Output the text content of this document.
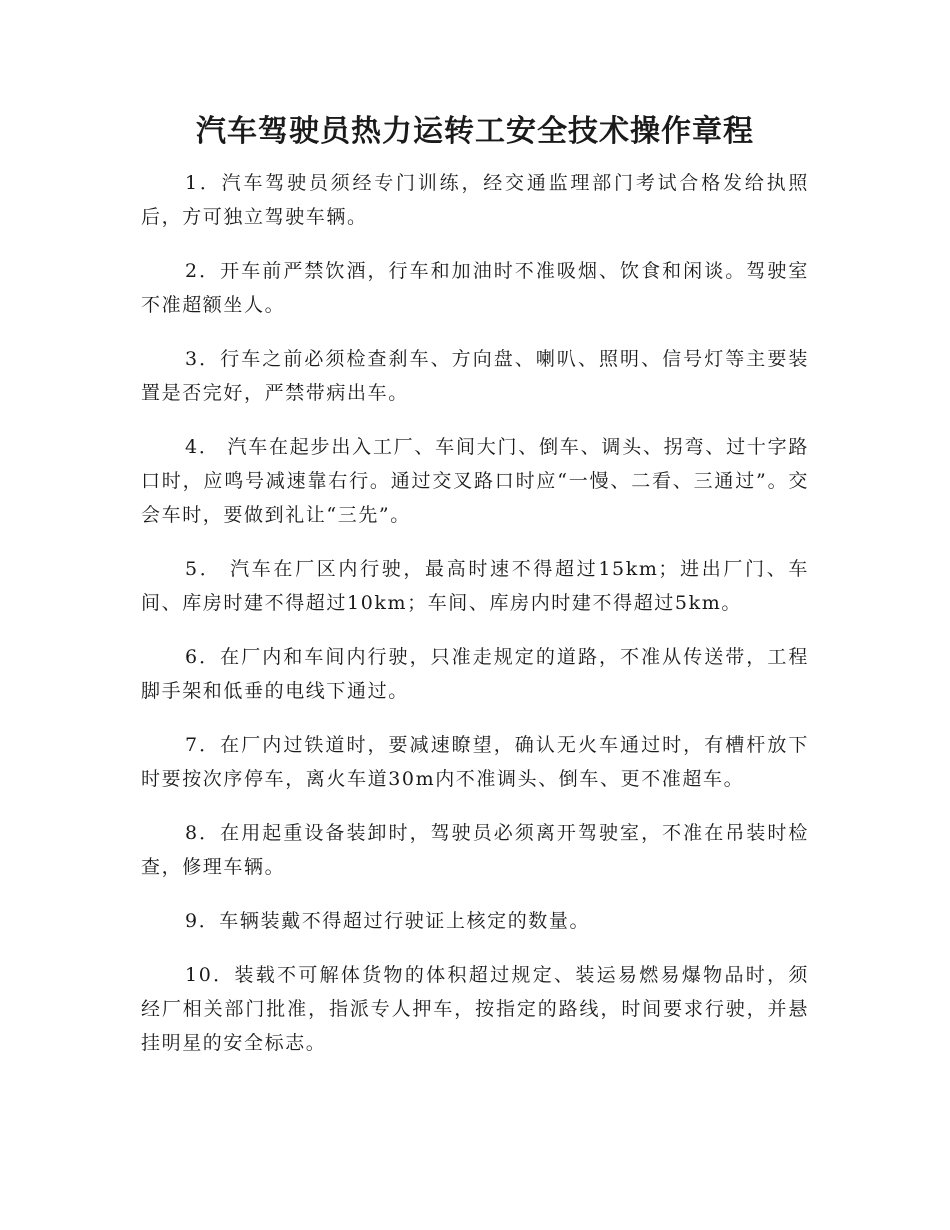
汽车驾驶员热力运转工安全技术操作章程

1．汽车驾驶员须经专门训练，经交通监理部门考试合格发给执照后，方可独立驾驶车辆。

2．开车前严禁饮酒，行车和加油时不准吸烟、饮食和闲谈。驾驶室不准超额坐人。

3．行车之前必须检查刹车、方向盘、喇叭、照明、信号灯等主要装置是否完好，严禁带病出车。

4． 汽车在起步出入工厂、车间大门、倒车、调头、拐弯、过十字路口时，应鸣号减速靠右行。通过交叉路口时应“一慢、二看、三通过”。交会车时，要做到礼让“三先”。

5． 汽车在厂区内行驶，最高时速不得超过15km；进出厂门、车间、库房时建不得超过10km；车间、库房内时建不得超过5km。

6．在厂内和车间内行驶，只准走规定的道路，不准从传送带，工程脚手架和低垂的电线下通过。

7．在厂内过铁道时，要减速瞭望，确认无火车通过时，有槽杆放下时要按次序停车，离火车道30m内不准调头、倒车、更不准超车。

8．在用起重设备装卸时，驾驶员必须离开驾驶室，不准在吊装时检查，修理车辆。

9．车辆装戴不得超过行驶证上核定的数量。

10．装载不可解体货物的体积超过规定、装运易燃易爆物品时，须经厂相关部门批准，指派专人押车，按指定的路线，时间要求行驶，并悬挂明星的安全标志。
